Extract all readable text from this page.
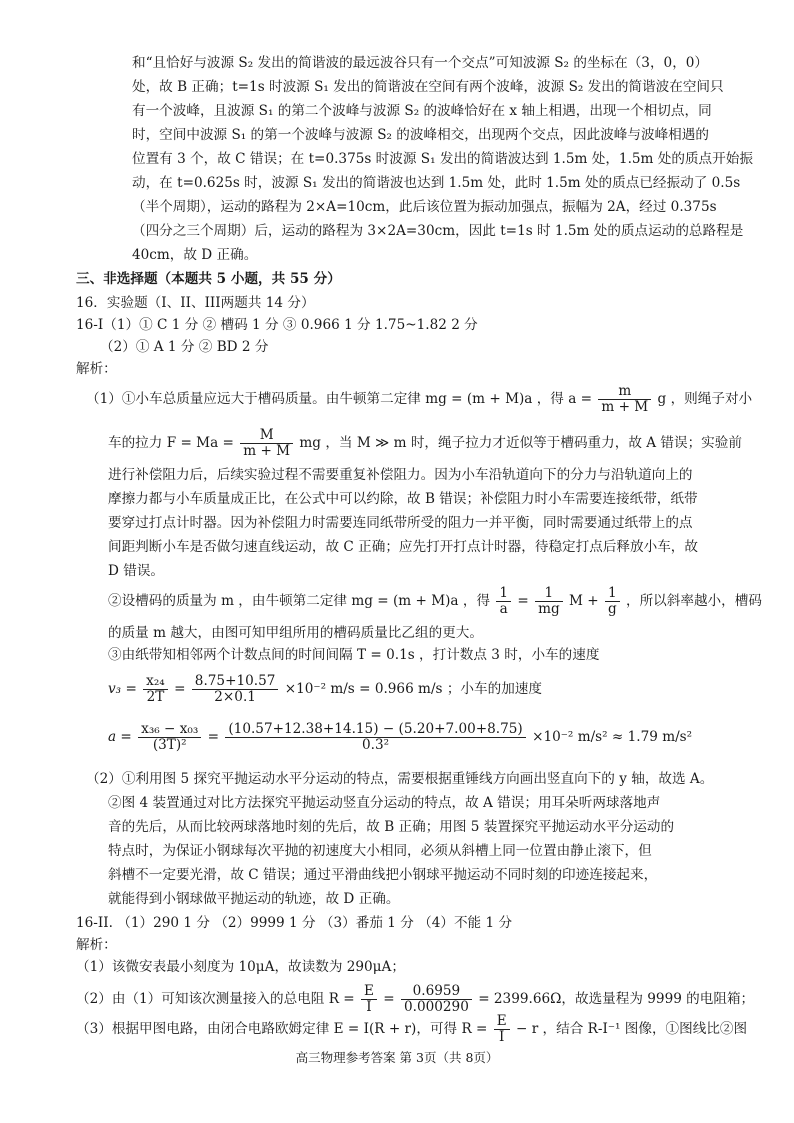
和“且恰好与波源 S₂ 发出的简谐波的最远波谷只有一个交点”可知波源 S₂ 的坐标在（3，0，0）
处，故 B 正确；t=1s 时波源 S₁ 发出的简谐波在空间有两个波峰，波源 S₂ 发出的简谐波在空间只
有一个波峰，且波源 S₁ 的第二个波峰与波源 S₂ 的波峰恰好在 x 轴上相遇，出现一个相切点，同
时，空间中波源 S₁ 的第一个波峰与波源 S₂ 的波峰相交，出现两个交点，因此波峰与波峰相遇的
位置有 3 个，故 C 错误；在 t=0.375s 时波源 S₁ 发出的简谐波达到 1.5m 处，1.5m 处的质点开始振
动，在 t=0.625s 时，波源 S₁ 发出的简谐波也达到 1.5m 处，此时 1.5m 处的质点已经振动了 0.5s
（半个周期），运动的路程为 2×A=10cm，此后该位置为振动加强点，振幅为 2A，经过 0.375s
（四分之三个周期）后，运动的路程为 3×2A=30cm，因此 t=1s 时 1.5m 处的质点运动的总路程是
40cm，故 D 正确。
三、非选择题（本题共 5 小题，共 55 分）
16．实验题（I、II、III两题共 14 分）
16-I（1）① C 1 分 ② 槽码 1 分 ③ 0.966 1 分 1.75~1.82 2 分
（2）① A 1 分 ② BD 2 分
解析：
（1）①小车总质量应远大于槽码质量。由牛顿第二定律 mg = (m + M)a ，得 $a = \frac{m}{m + M}$ g ，则绳子对小
车的拉力 $F = Ma = \frac{M}{m + M}$ mg ，当 M ≫ m 时，绳子拉力才近似等于槽码重力，故 A 错误；实验前
进行补偿阻力后，后续实验过程不需要重复补偿阻力。因为小车沿轨道向下的分力与沿轨道向上的
摩擦力都与小车质量成正比，在公式中可以约除，故 B 错误；补偿阻力时小车需要连接纸带，纸带
要穿过打点计时器。因为补偿阻力时需要连同纸带所受的阻力一并平衡，同时需要通过纸带上的点
间距判断小车是否做匀速直线运动，故 C 正确；应先打开打点计时器，待稳定打点后释放小车，故
D 错误。
②设槽码的质量为 m ，由牛顿第二定律 mg = (m + M)a ，得 $\frac{1}{a} = \frac{1}{mg}$ $M + \frac{1}{g}$ ，所以斜率越小，槽码
的质量 m 越大，由图可知甲组所用的槽码质量比乙组的更大。
③由纸带知相邻两个计数点间的时间间隔 T = 0.1s ，打计数点 3 时，小车的速度
$v_3 = \frac{\text{x₂₄}}{2T} = \frac{8.75+10.57}{2\times 0.1} \times 10^{-2}$ m/s = 0.966 m/s ；小车的加速度
$a = \frac{\text{x₃₆ − x₀₃}}{\text{(3T)²}} = \frac{(10.57+12.38+14.15) - (5.20+7.00+8.75)}{\text{0.3²}} \times 10^{-2}$ m/s² ≈ 1.79 m/s²
（2）①利用图 5 探究平抛运动水平分运动的特点，需要根据重锤线方向画出竖直向下的 y 轴，故选 A。
②图 4 装置通过对比方法探究平抛运动竖直分运动的特点，故 A 错误；用耳朵听两球落地声
音的先后，从而比较两球落地时刻的先后，故 B 正确；用图 5 装置探究平抛运动水平分运动的
特点时，为保证小钢球每次平抛的初速度大小相同，必须从斜槽上同一位置由静止滚下，但
斜槽不一定要光滑，故 C 错误；通过平滑曲线把小钢球平抛运动不同时刻的印迹连接起来，
就能得到小钢球做平抛运动的轨迹，故 D 正确。
16-II. （1）290 1 分 （2）9999 1 分 （3）番茄 1 分 （4）不能 1 分
解析：
（1）该微安表最小刻度为 10μA，故读数为 290μA；
（2）由（1）可知该次测量接入的总电阻 $R = \frac{E}{I} = \frac{0.6959}{0.000290} = 2399.66\Omega$，故选量程为 9999 的电阻箱；
（3）根据甲图电路，由闭合电路欧姆定律 E = I(R + r)，可得 $R = \frac{E}{I} - r$ ，结合 R-I⁻¹ 图像，①图线比②图
高三物理参考答案 第 3页（共 8页）
